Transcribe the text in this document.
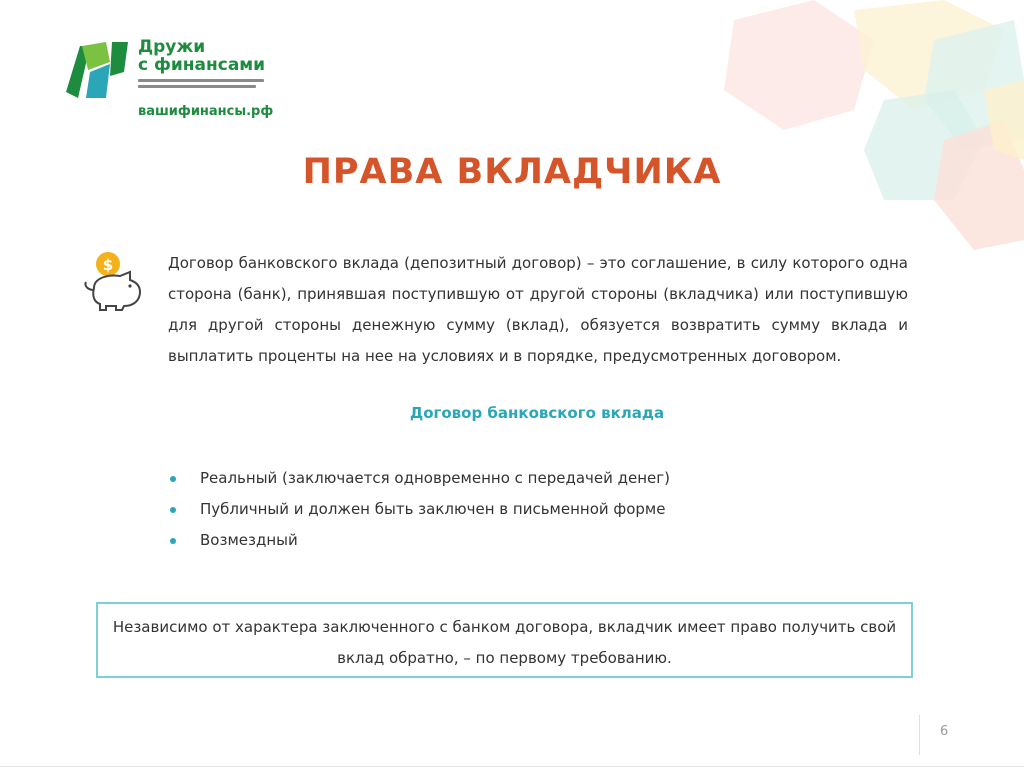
Дружи
с финансами
вашифинансы.рф
ПРАВА ВКЛАДЧИКА
$	Договор банковского вклада (депозитный договор) – это соглашение, в силу которого одна сторона (банк), принявшая поступившую от другой стороны (вкладчика) или поступившую для другой стороны денежную сумму (вклад), обязуется возвратить сумму вклада и выплатить проценты на нее на условиях и в порядке, предусмотренных договором.
Договор банковского вклада
Реальный (заключается одновременно с передачей денег)
Публичный и должен быть заключен в письменной форме
Возмездный
Независимо от характера заключенного с банком договора, вкладчик имеет право получить свой вклад обратно, – по первому требованию.
6
